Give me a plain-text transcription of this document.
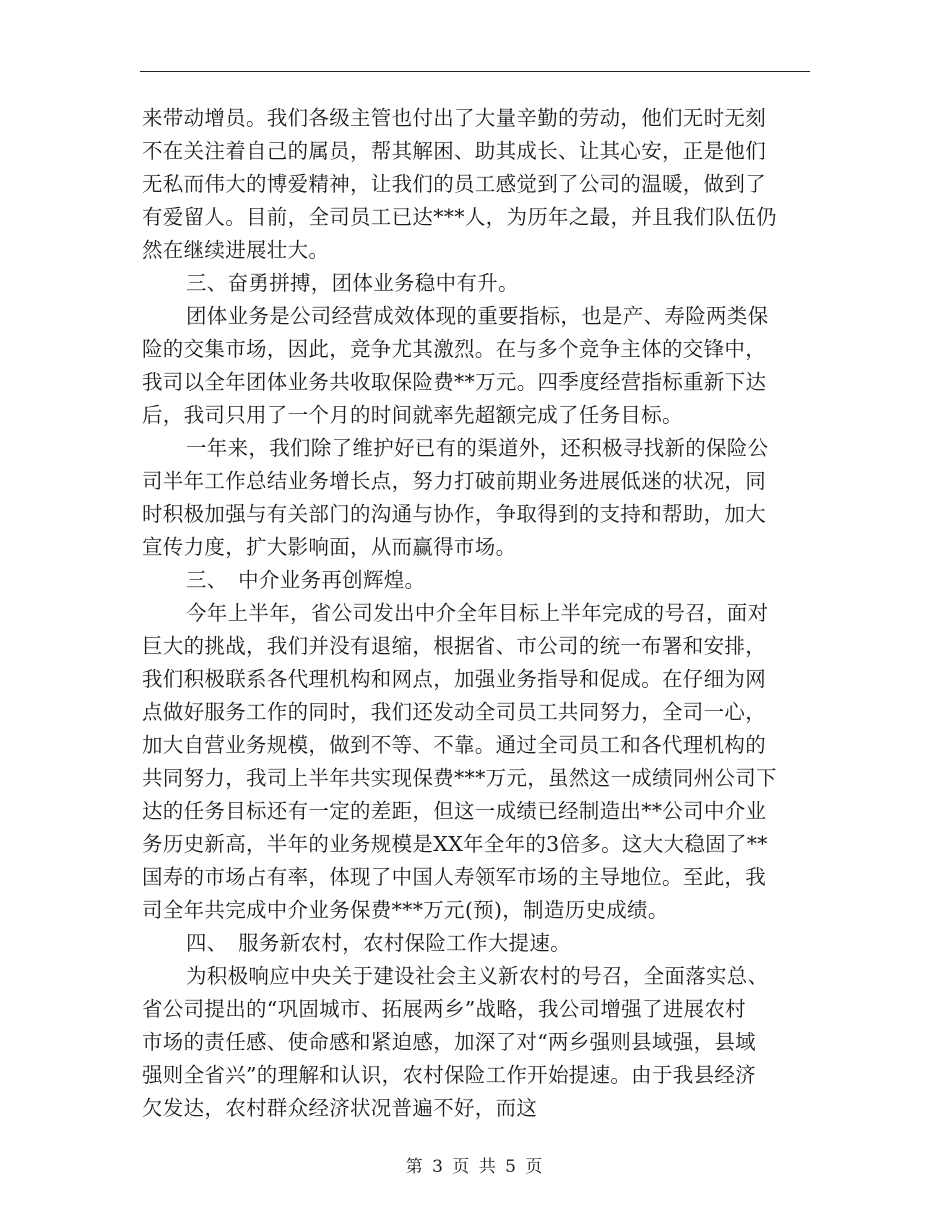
来带动增员。我们各级主管也付出了大量辛勤的劳动，他们无时无刻
不在关注着自己的属员，帮其解困、助其成长、让其心安，正是他们
无私而伟大的博爱精神，让我们的员工感觉到了公司的温暖，做到了
有爱留人。目前，全司员工已达***人，为历年之最，并且我们队伍仍
然在继续进展壮大。
三、奋勇拼搏，团体业务稳中有升。
团体业务是公司经营成效体现的重要指标，也是产、寿险两类保
险的交集市场，因此，竞争尤其激烈。在与多个竞争主体的交锋中，
我司以全年团体业务共收取保险费**万元。四季度经营指标重新下达
后，我司只用了一个月的时间就率先超额完成了任务目标。
一年来，我们除了维护好已有的渠道外，还积极寻找新的保险公
司半年工作总结业务增长点，努力打破前期业务进展低迷的状况，同
时积极加强与有关部门的沟通与协作，争取得到的支持和帮助，加大
宣传力度，扩大影响面，从而赢得市场。
三、　中介业务再创辉煌。
今年上半年，省公司发出中介全年目标上半年完成的号召，面对
巨大的挑战，我们并没有退缩，根据省、市公司的统一布署和安排，
我们积极联系各代理机构和网点，加强业务指导和促成。在仔细为网
点做好服务工作的同时，我们还发动全司员工共同努力，全司一心，
加大自营业务规模，做到不等、不靠。通过全司员工和各代理机构的
共同努力，我司上半年共实现保费***万元，虽然这一成绩同州公司下
达的任务目标还有一定的差距，但这一成绩已经制造出**公司中介业
务历史新高，半年的业务规模是XX年全年的3倍多。这大大稳固了**
国寿的市场占有率，体现了中国人寿领军市场的主导地位。至此，我
司全年共完成中介业务保费***万元(预)，制造历史成绩。
四、　服务新农村，农村保险工作大提速。
为积极响应中央关于建设社会主义新农村的号召，全面落实总、
省公司提出的“巩固城市、拓展两乡”战略，我公司增强了进展农村
市场的责任感、使命感和紧迫感，加深了对“两乡强则县域强，县域
强则全省兴”的理解和认识，农村保险工作开始提速。由于我县经济
欠发达，农村群众经济状况普遍不好，而这
第 3 页 共 5 页
